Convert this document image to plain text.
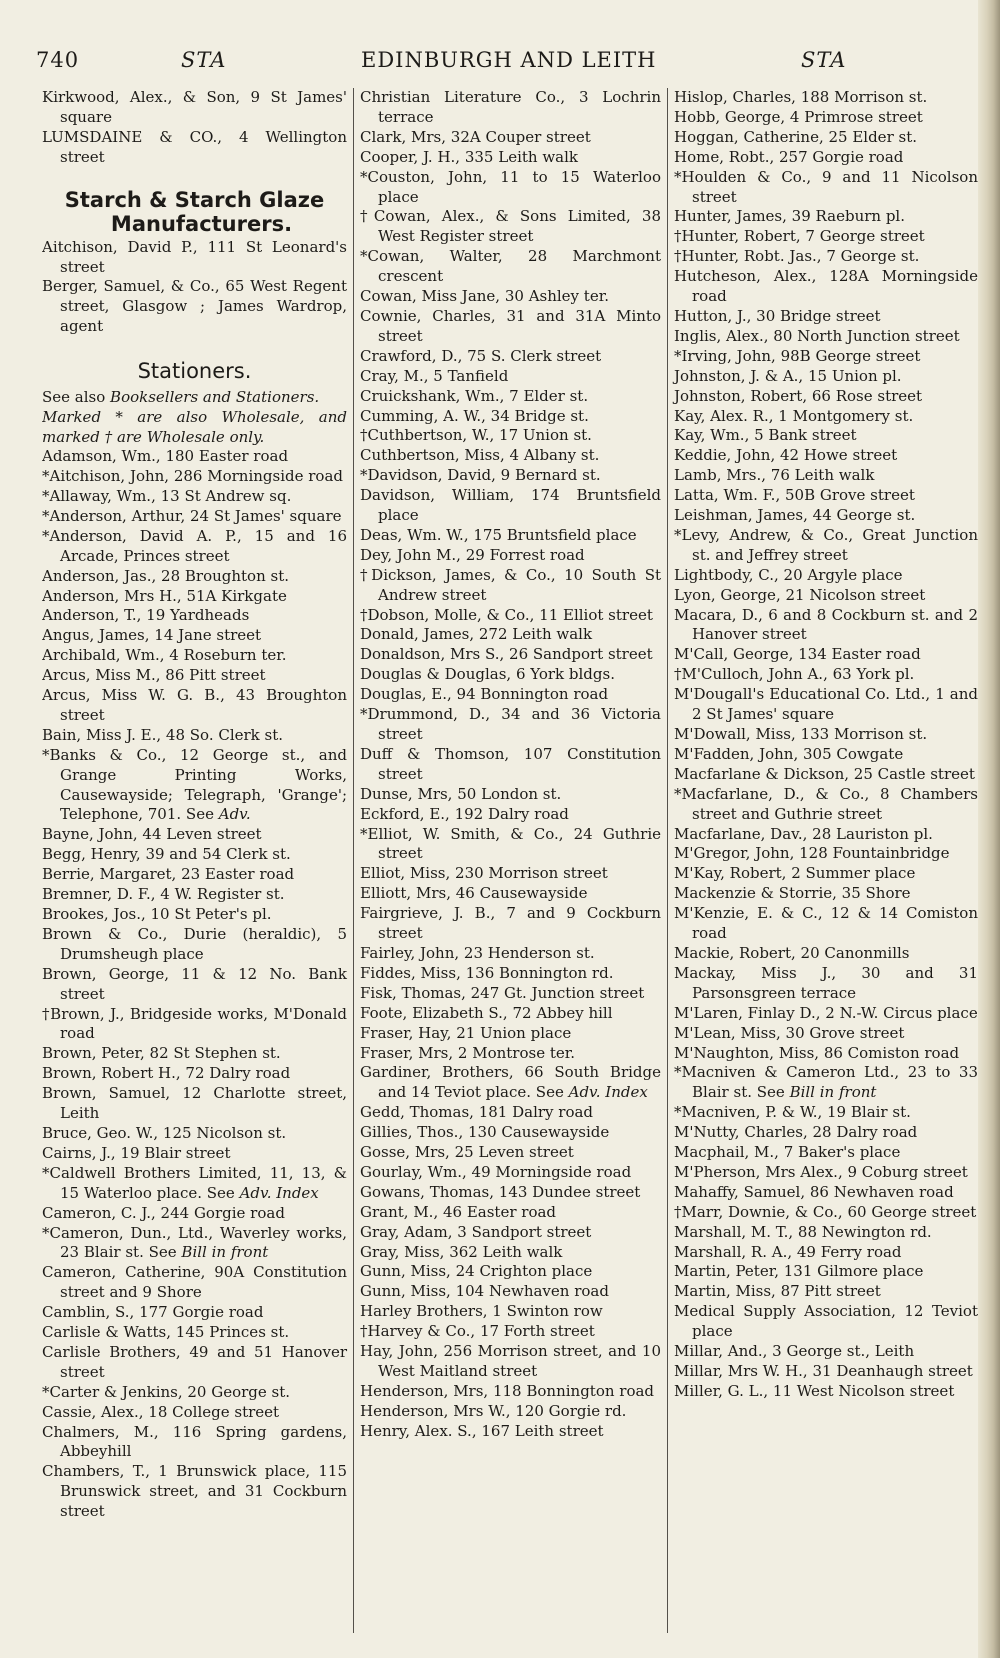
740	STA	EDINBURGH AND LEITH	STA

Kirkwood, Alex., & Son, 9 St James' square

LUMSDAINE & CO., 4 Wellington street

Starch & Starch Glaze Manufacturers.

Aitchison, David P., 111 St Leonard's street

Berger, Samuel, & Co., 65 West Regent street, Glasgow ; James Wardrop, agent

Stationers.

See also Booksellers and Stationers.

Marked * are also Wholesale, and marked † are Wholesale only.

Adamson, Wm., 180 Easter road

*Aitchison, John, 286 Morningside road

*Allaway, Wm., 13 St Andrew sq.

*Anderson, Arthur, 24 St James' square

*Anderson, David A. P., 15 and 16 Arcade, Princes street

Anderson, Jas., 28 Broughton st.

Anderson, Mrs H., 51A Kirkgate

Anderson, T., 19 Yardheads

Angus, James, 14 Jane street

Archibald, Wm., 4 Roseburn ter.

Arcus, Miss M., 86 Pitt street

Arcus, Miss W. G. B., 43 Broughton street

Bain, Miss J. E., 48 So. Clerk st.

*Banks & Co., 12 George st., and Grange Printing Works, Causewayside; Telegraph, 'Grange'; Telephone, 701. See Adv.

Bayne, John, 44 Leven street

Begg, Henry, 39 and 54 Clerk st.

Berrie, Margaret, 23 Easter road

Bremner, D. F., 4 W. Register st.

Brookes, Jos., 10 St Peter's pl.

Brown & Co., Durie (heraldic), 5 Drumsheugh place

Brown, George, 11 & 12 No. Bank street

†Brown, J., Bridgeside works, M'Donald road

Brown, Peter, 82 St Stephen st.

Brown, Robert H., 72 Dalry road

Brown, Samuel, 12 Charlotte street, Leith

Bruce, Geo. W., 125 Nicolson st.

Cairns, J., 19 Blair street

*Caldwell Brothers Limited, 11, 13, & 15 Waterloo place. See Adv. Index

Cameron, C. J., 244 Gorgie road

*Cameron, Dun., Ltd., Waverley works, 23 Blair st. See Bill in front

Cameron, Catherine, 90A Constitution street and 9 Shore

Camblin, S., 177 Gorgie road

Carlisle & Watts, 145 Princes st.

Carlisle Brothers, 49 and 51 Hanover street

*Carter & Jenkins, 20 George st.

Cassie, Alex., 18 College street

Chalmers, M., 116 Spring gardens, Abbeyhill

Chambers, T., 1 Brunswick place, 115 Brunswick street, and 31 Cockburn street

Christian Literature Co., 3 Lochrin terrace

Clark, Mrs, 32A Couper street

Cooper, J. H., 335 Leith walk

*Couston, John, 11 to 15 Waterloo place

†Cowan, Alex., & Sons Limited, 38 West Register street

*Cowan, Walter, 28 Marchmont crescent

Cowan, Miss Jane, 30 Ashley ter.

Cownie, Charles, 31 and 31A Minto street

Crawford, D., 75 S. Clerk street

Cray, M., 5 Tanfield

Cruickshank, Wm., 7 Elder st.

Cumming, A. W., 34 Bridge st.

†Cuthbertson, W., 17 Union st.

Cuthbertson, Miss, 4 Albany st.

*Davidson, David, 9 Bernard st.

Davidson, William, 174 Bruntsfield place

Deas, Wm. W., 175 Bruntsfield place

Dey, John M., 29 Forrest road

†Dickson, James, & Co., 10 South St Andrew street

†Dobson, Molle, & Co., 11 Elliot street

Donald, James, 272 Leith walk

Donaldson, Mrs S., 26 Sandport street

Douglas & Douglas, 6 York bldgs.

Douglas, E., 94 Bonnington road

*Drummond, D., 34 and 36 Victoria street

Duff & Thomson, 107 Constitution street

Dunse, Mrs, 50 London st.

Eckford, E., 192 Dalry road

*Elliot, W. Smith, & Co., 24 Guthrie street

Elliot, Miss, 230 Morrison street

Elliott, Mrs, 46 Causewayside

Fairgrieve, J. B., 7 and 9 Cockburn street

Fairley, John, 23 Henderson st.

Fiddes, Miss, 136 Bonnington rd.

Fisk, Thomas, 247 Gt. Junction street

Foote, Elizabeth S., 72 Abbey hill

Fraser, Hay, 21 Union place

Fraser, Mrs, 2 Montrose ter.

Gardiner, Brothers, 66 South Bridge and 14 Teviot place. See Adv. Index

Gedd, Thomas, 181 Dalry road

Gillies, Thos., 130 Causewayside

Gosse, Mrs, 25 Leven street

Gourlay, Wm., 49 Morningside road

Gowans, Thomas, 143 Dundee street

Grant, M., 46 Easter road

Gray, Adam, 3 Sandport street

Gray, Miss, 362 Leith walk

Gunn, Miss, 24 Crighton place

Gunn, Miss, 104 Newhaven road

Harley Brothers, 1 Swinton row

†Harvey & Co., 17 Forth street

Hay, John, 256 Morrison street, and 10 West Maitland street

Henderson, Mrs, 118 Bonnington road

Henderson, Mrs W., 120 Gorgie rd.

Henry, Alex. S., 167 Leith street

Hislop, Charles, 188 Morrison st.

Hobb, George, 4 Primrose street

Hoggan, Catherine, 25 Elder st.

Home, Robt., 257 Gorgie road

*Houlden & Co., 9 and 11 Nicolson street

Hunter, James, 39 Raeburn pl.

†Hunter, Robert, 7 George street

†Hunter, Robt. Jas., 7 George st.

Hutcheson, Alex., 128A Morningside road

Hutton, J., 30 Bridge street

Inglis, Alex., 80 North Junction street

*Irving, John, 98B George street

Johnston, J. & A., 15 Union pl.

Johnston, Robert, 66 Rose street

Kay, Alex. R., 1 Montgomery st.

Kay, Wm., 5 Bank street

Keddie, John, 42 Howe street

Lamb, Mrs., 76 Leith walk

Latta, Wm. F., 50B Grove street

Leishman, James, 44 George st.

*Levy, Andrew, & Co., Great Junction st. and Jeffrey street

Lightbody, C., 20 Argyle place

Lyon, George, 21 Nicolson street

Macara, D., 6 and 8 Cockburn st. and 2 Hanover street

M'Call, George, 134 Easter road

†M'Culloch, John A., 63 York pl.

M'Dougall's Educational Co. Ltd., 1 and 2 St James' square

M'Dowall, Miss, 133 Morrison st.

M'Fadden, John, 305 Cowgate

Macfarlane & Dickson, 25 Castle street

*Macfarlane, D., & Co., 8 Chambers street and Guthrie street

Macfarlane, Dav., 28 Lauriston pl.

M'Gregor, John, 128 Fountainbridge

M'Kay, Robert, 2 Summer place

Mackenzie & Storrie, 35 Shore

M'Kenzie, E. & C., 12 & 14 Comiston road

Mackie, Robert, 20 Canonmills

Mackay, Miss J., 30 and 31 Parsonsgreen terrace

M'Laren, Finlay D., 2 N.-W. Circus place

M'Lean, Miss, 30 Grove street

M'Naughton, Miss, 86 Comiston road

*Macniven & Cameron Ltd., 23 to 33 Blair st. See Bill in front

*Macniven, P. & W., 19 Blair st.

M'Nutty, Charles, 28 Dalry road

Macphail, M., 7 Baker's place

M'Pherson, Mrs Alex., 9 Coburg street

Mahaffy, Samuel, 86 Newhaven road

†Marr, Downie, & Co., 60 George street

Marshall, M. T., 88 Newington rd.

Marshall, R. A., 49 Ferry road

Martin, Peter, 131 Gilmore place

Martin, Miss, 87 Pitt street

Medical Supply Association, 12 Teviot place

Millar, And., 3 George st., Leith

Millar, Mrs W. H., 31 Deanhaugh street

Miller, G. L., 11 West Nicolson street
